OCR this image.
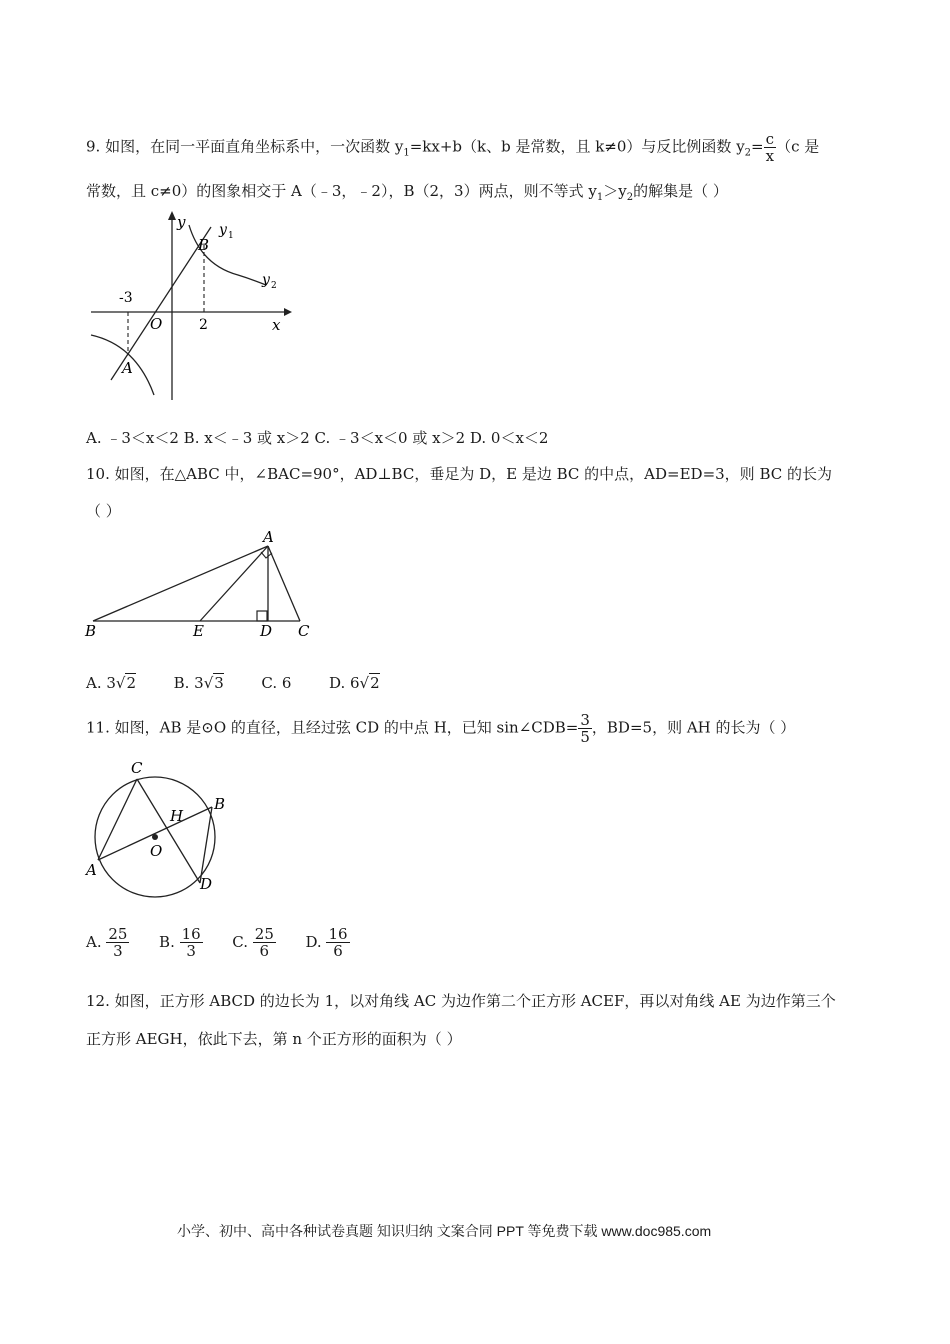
9. 如图，在同一平面直角坐标系中，一次函数 $y_1=kx+b(k$、b 是常数，且 k≠0）与反比例函数 $y_2= \frac{c}{x} (c$ 是
常数，且 c≠0）的图象相交于 A（﹣3，﹣2），B（2，3）两点，则不等式 $y_1>y_2$的解集是（ ）
y y 1
B
y 2
-3
O	2	x
A
A. ﹣3＜x＜2 B. x＜﹣3 或 x＞2 C. ﹣3＜x＜0 或 x＞2 D. 0＜x＜2
10. 如图，在△ABC 中，∠BAC=90°，AD⊥BC，垂足为 D，E 是边 BC 的中点，AD=ED=3，则 BC 的长为
（ ）
A
B	E	D C
A. 3√2	B. 3√3	C. 6	D. 6√2
11. 如图，AB 是⊙O 的直径，且经过弦 CD 的中点 H，已知 sin∠CDB= $\frac{3}{5}$ ，BD=5，则 AH 的长为（ ）
C
B
H
O
A
D
A. $\frac{25}{3} B$. $\frac{16}{3} C$. $\frac{25}{6} D$. $\frac{16}{6}$
12. 如图，正方形 ABCD 的边长为 1，以对角线 AC 为边作第二个正方形 ACEF，再以对角线 AE 为边作第三个
正方形 AEGH，依此下去，第 n 个正方形的面积为（ ）
小学、初中、高中各种试卷真题 知识归纳 文案合同 PPT 等免费下载 www.doc985.com
